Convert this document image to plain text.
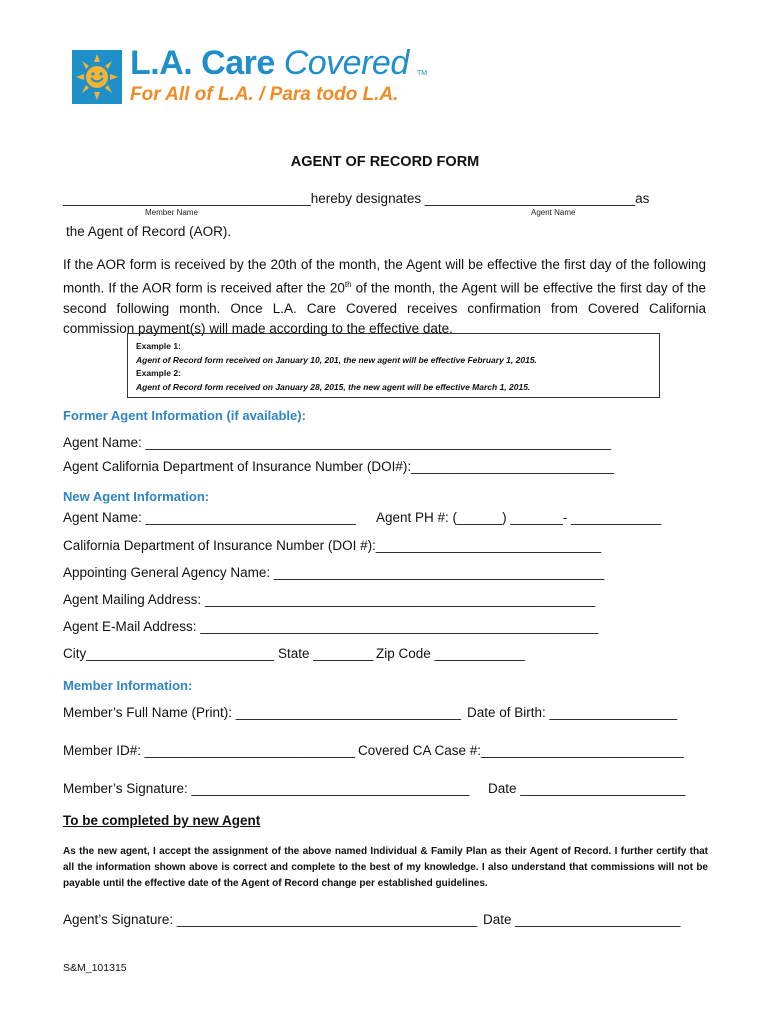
L.A. Care Covered TM
For All of L.A. / Para todo L.A.
AGENT OF RECORD FORM
_________________________________hereby designates ____________________________as
Member Name	Agent Name
the Agent of Record (AOR).
If the AOR form is received by the 20th of the month, the Agent will be effective the first day of the following month. If the AOR form is received after the 20th of the month, the Agent will be effective the first day of the second following month. Once L.A. Care Covered receives confirmation from Covered California commission payment(s) will made according to the effective date.
Example 1:
Agent of Record form received on January 10, 201, the new agent will be effective February 1, 2015.
Example 2:
Agent of Record form received on January 28, 2015, the new agent will be effective March 1, 2015.
Former Agent Information (if available):
Agent Name: ______________________________________________________________
Agent California Department of Insurance Number (DOI#):___________________________
New Agent Information:
Agent Name: ____________________________ Agent PH #: (______) _______- ____________
California Department of Insurance Number (DOI #):______________________________
Appointing General Agency Name: ____________________________________________
Agent Mailing Address: ____________________________________________________
Agent E-Mail Address: _____________________________________________________
City_________________________ State ________ Zip Code ____________
Member Information:
Member’s Full Name (Print): ______________________________ Date of Birth: _________________
Member ID#: ____________________________ Covered CA Case #:___________________________
Member’s Signature: _____________________________________ Date ______________________
To be completed by new Agent
As the new agent, I accept the assignment of the above named Individual & Family Plan as their Agent of Record. I further certify that all the information shown above is correct and complete to the best of my knowledge. I also understand that commissions will not be payable until the effective date of the Agent of Record change per established guidelines.
Agent’s Signature: ________________________________________ Date ______________________
S&M_101315
